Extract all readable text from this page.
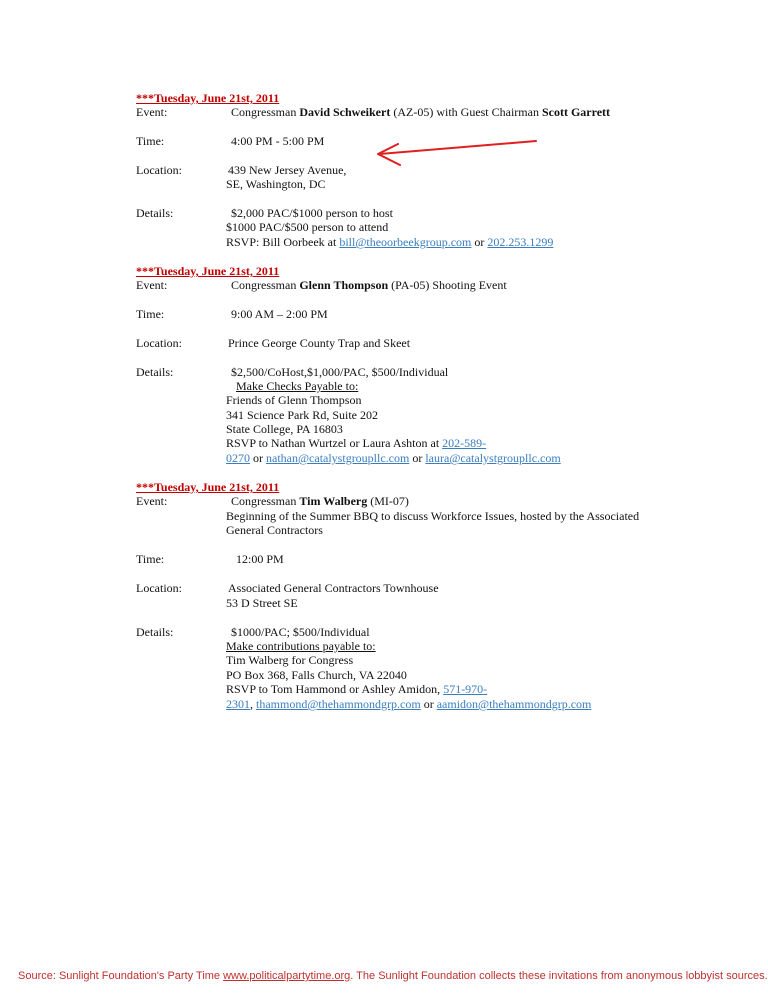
***Tuesday, June 21st, 2011
Event:	Congressman David Schweikert (AZ-05) with Guest Chairman Scott Garrett
Time:	4:00 PM - 5:00 PM
Location:	439 New Jersey Avenue,
SE, Washington, DC
Details:	$2,000 PAC/$1000 person to host
$1000 PAC/$500 person to attend
RSVP: Bill Oorbeek at bill@theoorbeekgroup.com or 202.253.1299
***Tuesday, June 21st, 2011
Event:	Congressman Glenn Thompson (PA-05) Shooting Event
Time:	9:00 AM – 2:00 PM
Location:	Prince George County Trap and Skeet
Details:	$2,500/CoHost,$1,000/PAC, $500/Individual
Make Checks Payable to:
Friends of Glenn Thompson
341 Science Park Rd, Suite 202
State College, PA 16803
RSVP to Nathan Wurtzel or Laura Ashton at 202-589-
0270 or nathan@catalystgroupllc.com or laura@catalystgroupllc.com
***Tuesday, June 21st, 2011
Event:	Congressman Tim Walberg (MI-07)
Beginning of the Summer BBQ to discuss Workforce Issues, hosted by the Associated
General Contractors
Time:	12:00 PM
Location:	Associated General Contractors Townhouse
53 D Street SE
Details:	$1000/PAC; $500/Individual
Make contributions payable to:
Tim Walberg for Congress
PO Box 368, Falls Church, VA 22040
RSVP to Tom Hammond or Ashley Amidon, 571-970-
2301, thammond@thehammondgrp.com or aamidon@thehammondgrp.com
Source: Sunlight Foundation's Party Time www.politicalpartytime.org. The Sunlight Foundation collects these invitations from anonymous lobbyist sources.
